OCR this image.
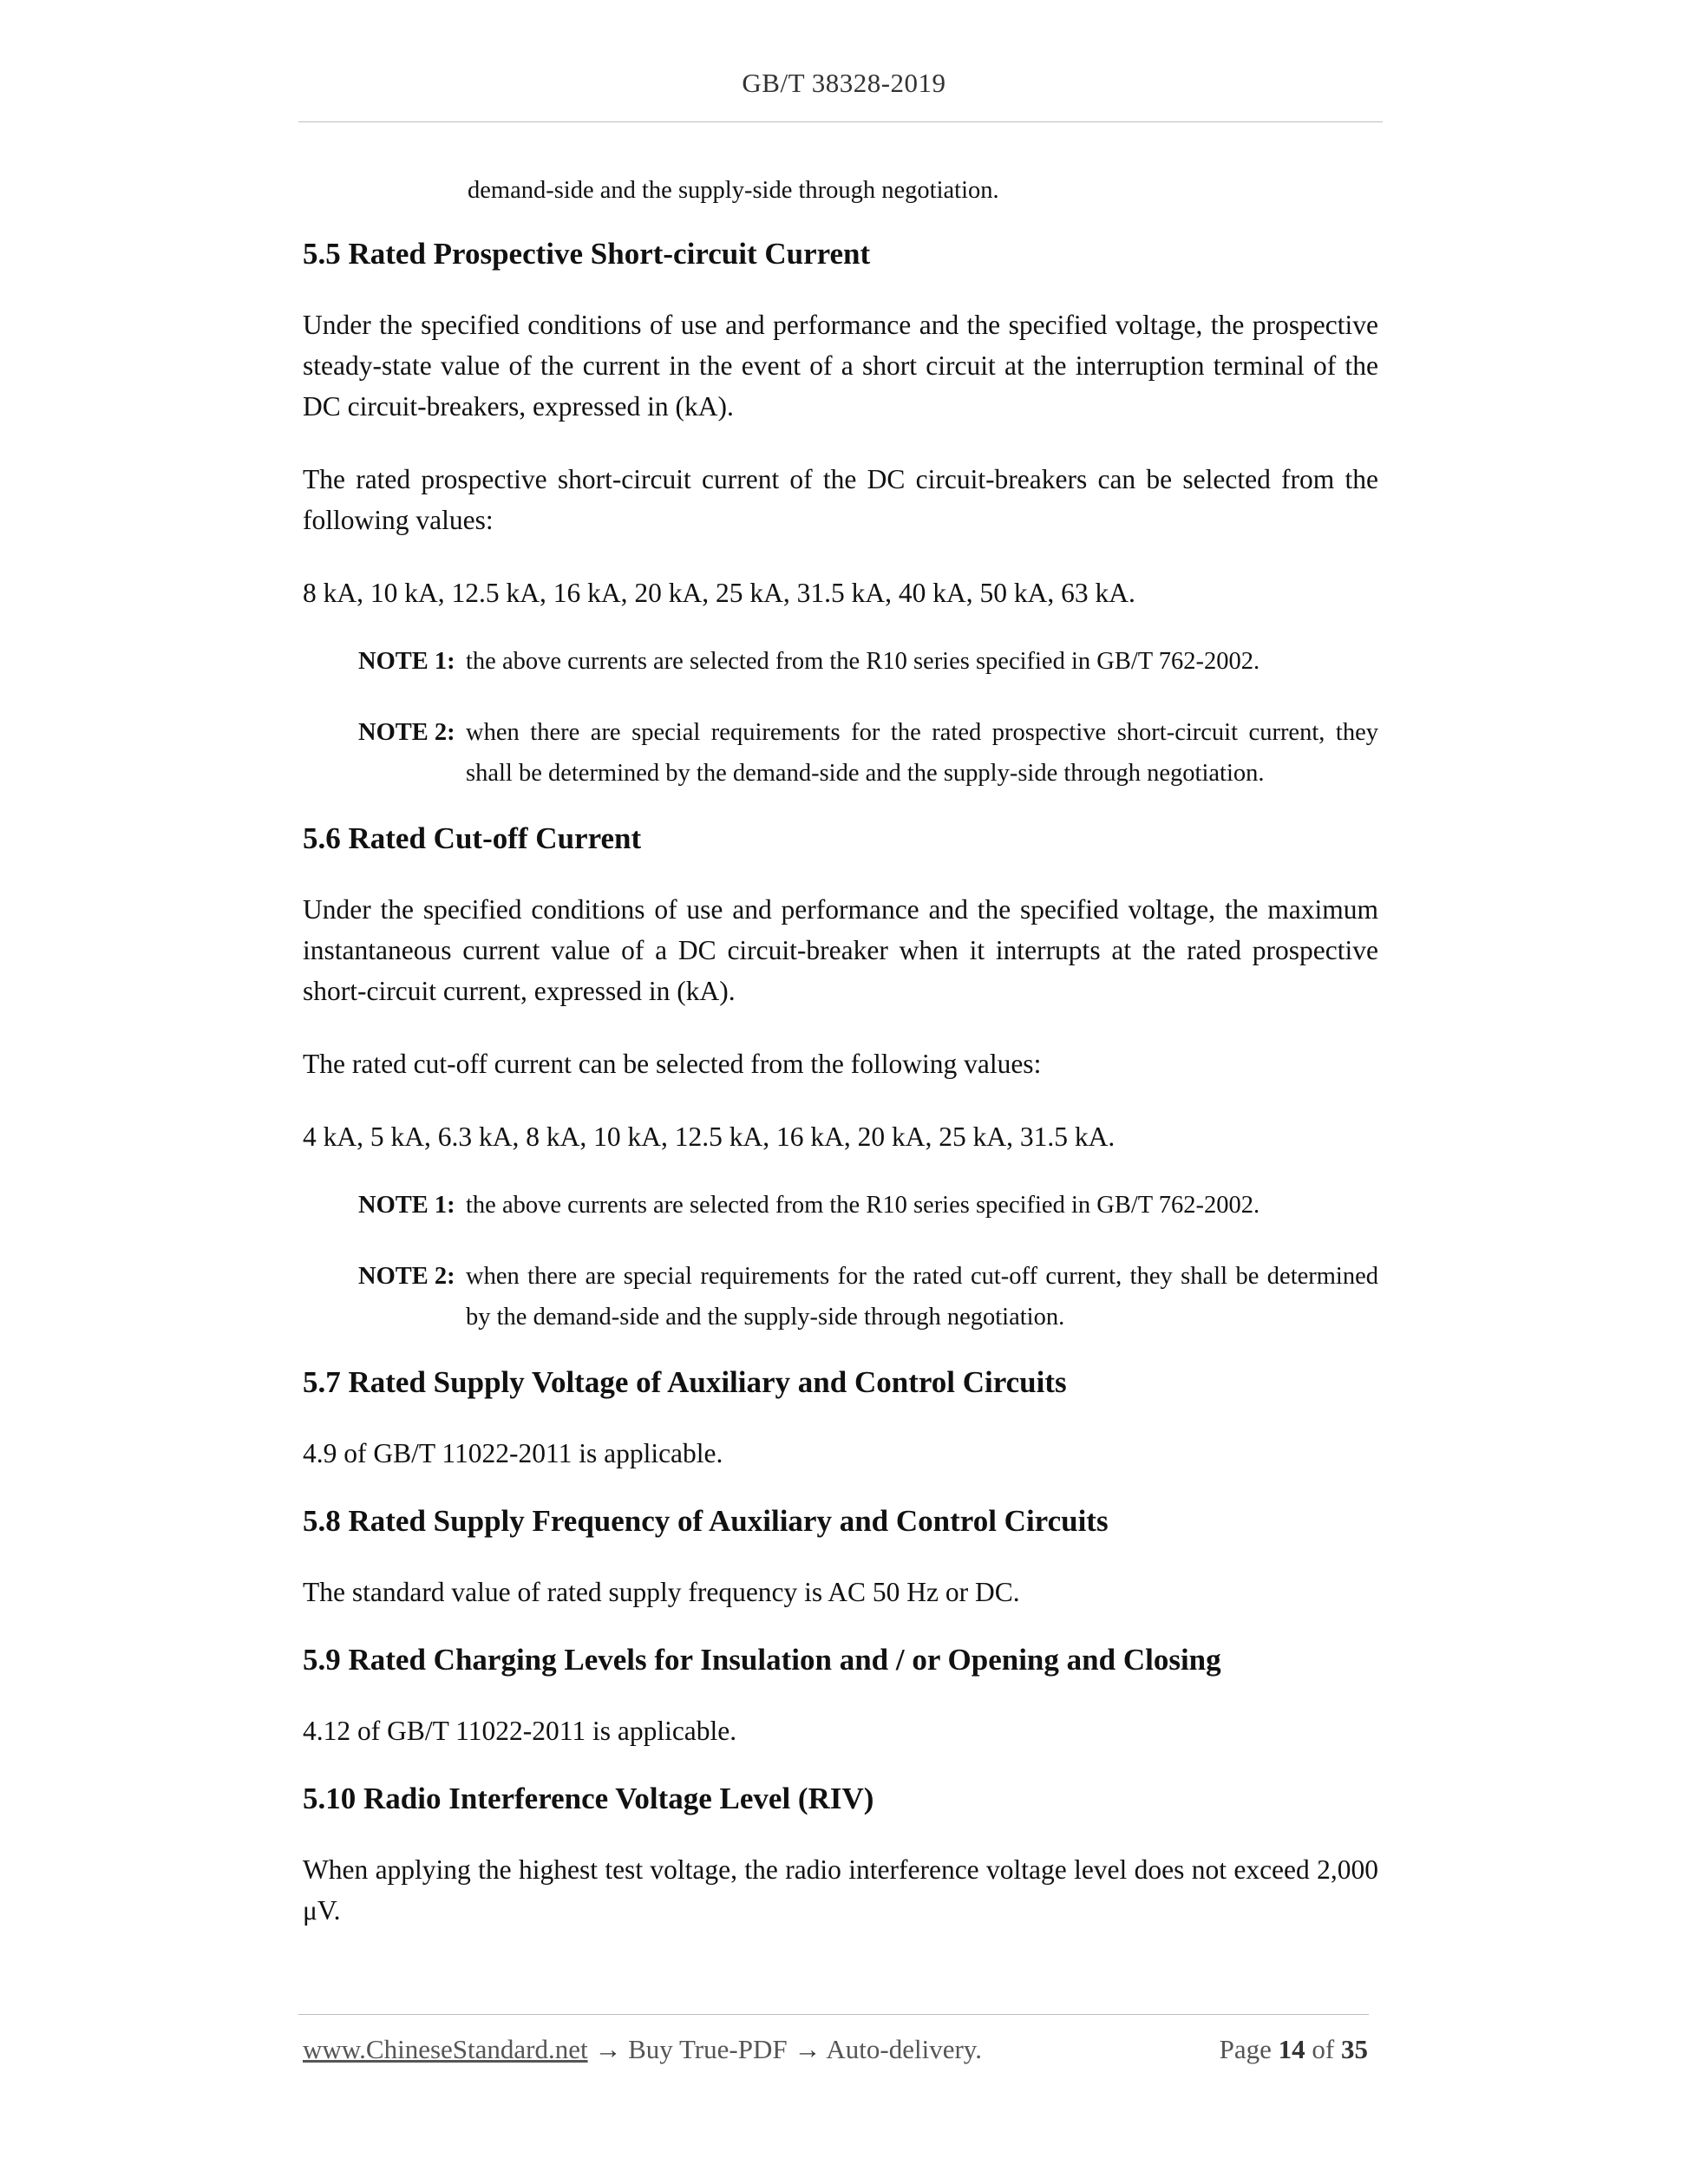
GB/T 38328-2019

demand-side and the supply-side through negotiation.

5.5 Rated Prospective Short-circuit Current

Under the specified conditions of use and performance and the specified voltage, the prospective steady-state value of the current in the event of a short circuit at the interruption terminal of the DC circuit-breakers, expressed in (kA).

The rated prospective short-circuit current of the DC circuit-breakers can be selected from the following values:

8 kA, 10 kA, 12.5 kA, 16 kA, 20 kA, 25 kA, 31.5 kA, 40 kA, 50 kA, 63 kA.

NOTE 1: the above currents are selected from the R10 series specified in GB/T 762-2002.
NOTE 2: when there are special requirements for the rated prospective short-circuit current, they shall be determined by the demand-side and the supply-side through negotiation.
5.6 Rated Cut-off Current

Under the specified conditions of use and performance and the specified voltage, the maximum instantaneous current value of a DC circuit-breaker when it interrupts at the rated prospective short-circuit current, expressed in (kA).

The rated cut-off current can be selected from the following values:

4 kA, 5 kA, 6.3 kA, 8 kA, 10 kA, 12.5 kA, 16 kA, 20 kA, 25 kA, 31.5 kA.

NOTE 1: the above currents are selected from the R10 series specified in GB/T 762-2002.
NOTE 2: when there are special requirements for the rated cut-off current, they shall be determined by the demand-side and the supply-side through negotiation.
5.7 Rated Supply Voltage of Auxiliary and Control Circuits

4.9 of GB/T 11022-2011 is applicable.

5.8 Rated Supply Frequency of Auxiliary and Control Circuits

The standard value of rated supply frequency is AC 50 Hz or DC.

5.9 Rated Charging Levels for Insulation and / or Opening and Closing

4.12 of GB/T 11022-2011 is applicable.

5.10 Radio Interference Voltage Level (RIV)

When applying the highest test voltage, the radio interference voltage level does not exceed 2,000 μV.

www.ChineseStandard.net → Buy True-PDF → Auto-delivery.	Page 14 of 35
